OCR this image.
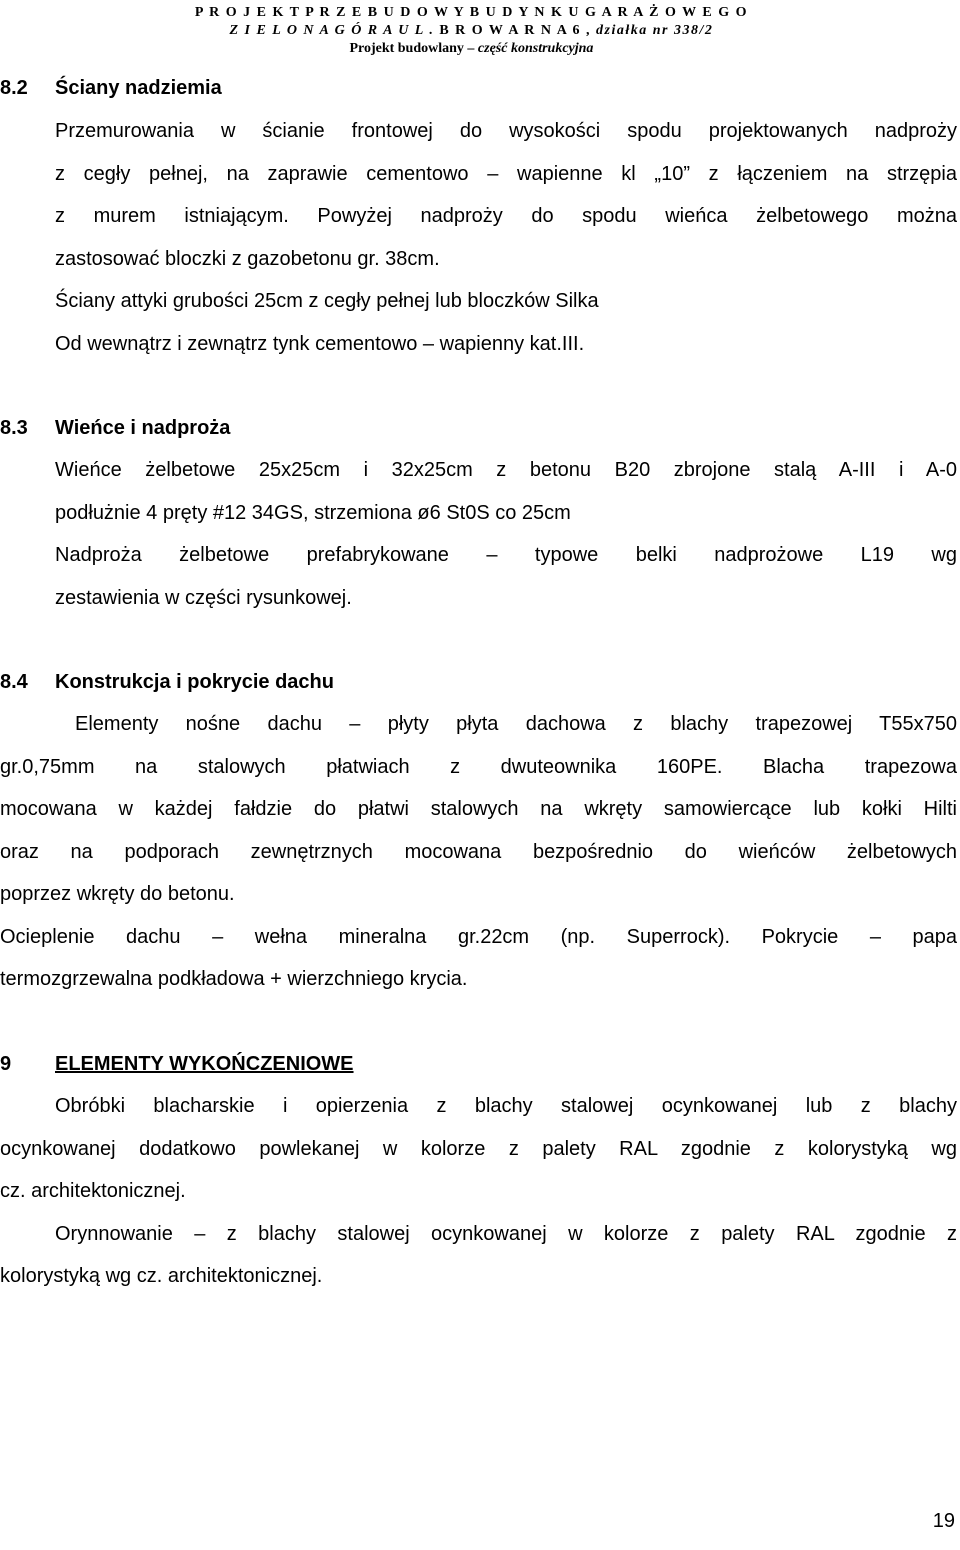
P R O J E K T P R Z E B U D O W Y B U D Y N K U G A R A Ż O W E G O
Z I E L O N A G Ó R A U L . B R O W A R N A 6 , działka nr 338/2
Projekt budowlany – część konstrukcyjna
8.2 Ściany nadziemia
Przemurowania w ścianie frontowej do wysokości spodu projektowanych nadproży
z cegły pełnej, na zaprawie cementowo – wapienne kl „10” z łączeniem na strzępia
z murem istniającym. Powyżej nadproży do spodu wieńca żelbetowego można
zastosować bloczki z gazobetonu gr. 38cm.
Ściany attyki grubości 25cm z cegły pełnej lub bloczków Silka
Od wewnątrz i zewnątrz tynk cementowo – wapienny kat.III.
8.3 Wieńce i nadproża
Wieńce żelbetowe 25x25cm i 32x25cm z betonu B20 zbrojone stalą A-III i A-0
podłużnie 4 pręty #12 34GS, strzemiona ø6 St0S co 25cm
Nadproża żelbetowe prefabrykowane – typowe belki nadprożowe L19 wg
zestawienia w części rysunkowej.
8.4 Konstrukcja i pokrycie dachu
Elementy nośne dachu – płyty płyta dachowa z blachy trapezowej T55x750
gr.0,75mm na stalowych płatwiach z dwuteownika 160PE. Blacha trapezowa
mocowana w każdej fałdzie do płatwi stalowych na wkręty samowiercące lub kołki Hilti
oraz na podporach zewnętrznych mocowana bezpośrednio do wieńców żelbetowych
poprzez wkręty do betonu.
Ocieplenie dachu – wełna mineralna gr.22cm (np. Superrock). Pokrycie – papa
termozgrzewalna podkładowa + wierzchniego krycia.
9 ELEMENTY WYKOŃCZENIOWE
Obróbki blacharskie i opierzenia z blachy stalowej ocynkowanej lub z blachy
ocynkowanej dodatkowo powlekanej w kolorze z palety RAL zgodnie z kolorystyką wg
cz. architektonicznej.
Orynnowanie – z blachy stalowej ocynkowanej w kolorze z palety RAL zgodnie z
kolorystyką wg cz. architektonicznej.
19
